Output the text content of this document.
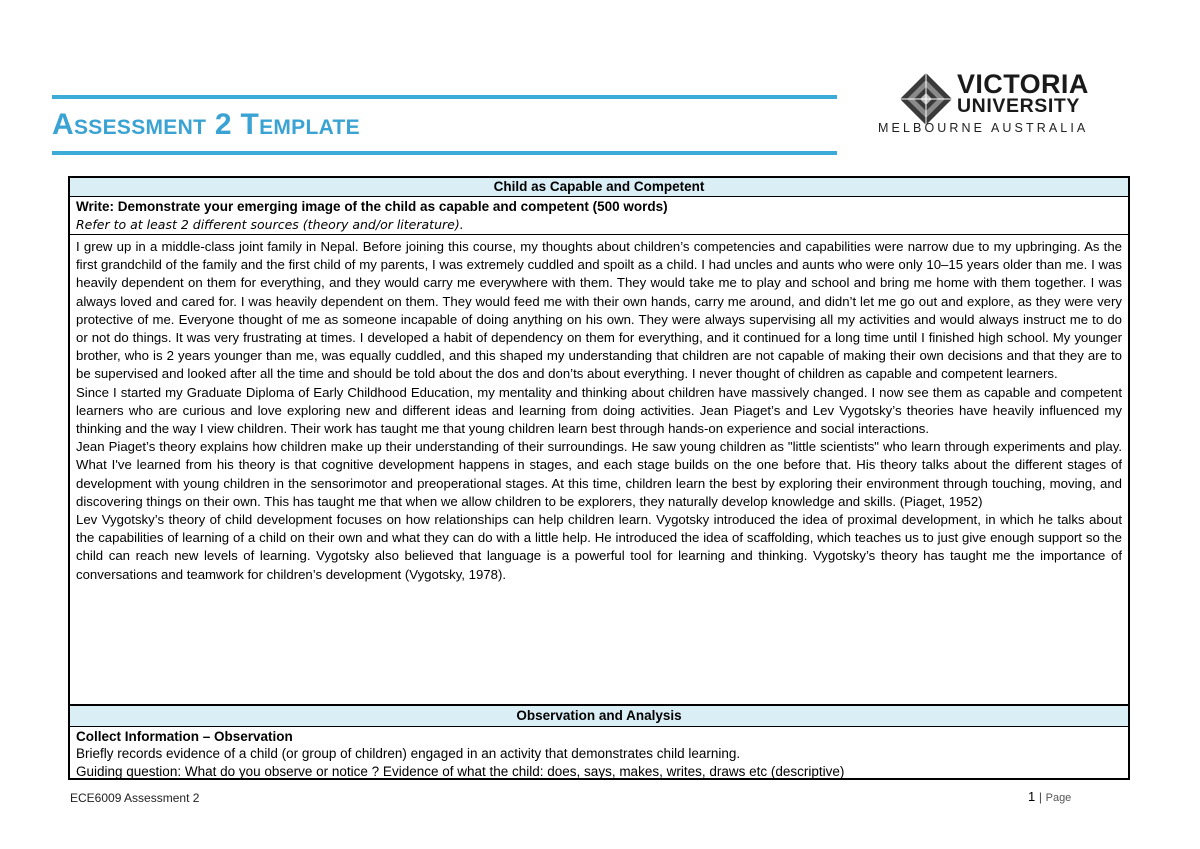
Assessment 2 Template
VICTORIA
UNIVERSITY
MELBOURNE AUSTRALIA
Child as Capable and Competent
Write: Demonstrate your emerging image of the child as capable and competent (500 words)
Refer to at least 2 different sources (theory and/or literature).

I grew up in a middle-class joint family in Nepal. Before joining this course, my thoughts about children’s competencies and capabilities were narrow due to my upbringing. As the first grandchild of the family and the first child of my parents, I was extremely cuddled and spoilt as a child. I had uncles and aunts who were only 10–15 years older than me. I was heavily dependent on them for everything, and they would carry me everywhere with them. They would take me to play and school and bring me home with them together. I was always loved and cared for. I was heavily dependent on them. They would feed me with their own hands, carry me around, and didn’t let me go out and explore, as they were very protective of me. Everyone thought of me as someone incapable of doing anything on his own. They were always supervising all my activities and would always instruct me to do or not do things. It was very frustrating at times. I developed a habit of dependency on them for everything, and it continued for a long time until I finished high school. My younger brother, who is 2 years younger than me, was equally cuddled, and this shaped my understanding that children are not capable of making their own decisions and that they are to be supervised and looked after all the time and should be told about the dos and don’ts about everything. I never thought of children as capable and competent learners.

Since I started my Graduate Diploma of Early Childhood Education, my mentality and thinking about children have massively changed. I now see them as capable and competent learners who are curious and love exploring new and different ideas and learning from doing activities. Jean Piaget’s and Lev Vygotsky’s theories have heavily influenced my thinking and the way I view children. Their work has taught me that young children learn best through hands-on experience and social interactions.

Jean Piaget’s theory explains how children make up their understanding of their surroundings. He saw young children as "little scientists" who learn through experiments and play. What I've learned from his theory is that cognitive development happens in stages, and each stage builds on the one before that. His theory talks about the different stages of development with young children in the sensorimotor and preoperational stages. At this time, children learn the best by exploring their environment through touching, moving, and discovering things on their own. This has taught me that when we allow children to be explorers, they naturally develop knowledge and skills. (Piaget, 1952)

Lev Vygotsky’s theory of child development focuses on how relationships can help children learn. Vygotsky introduced the idea of proximal development, in which he talks about the capabilities of learning of a child on their own and what they can do with a little help. He introduced the idea of scaffolding, which teaches us to just give enough support so the child can reach new levels of learning. Vygotsky also believed that language is a powerful tool for learning and thinking. Vygotsky’s theory has taught me the importance of conversations and teamwork for children’s development (Vygotsky, 1978).

Observation and Analysis
Collect Information – Observation
Briefly records evidence of a child (or group of children) engaged in an activity that demonstrates child learning.
Guiding question: What do you observe or notice ? Evidence of what the child: does, says, makes, writes, draws etc (descriptive)
ECE6009 Assessment 2	1 | Page
